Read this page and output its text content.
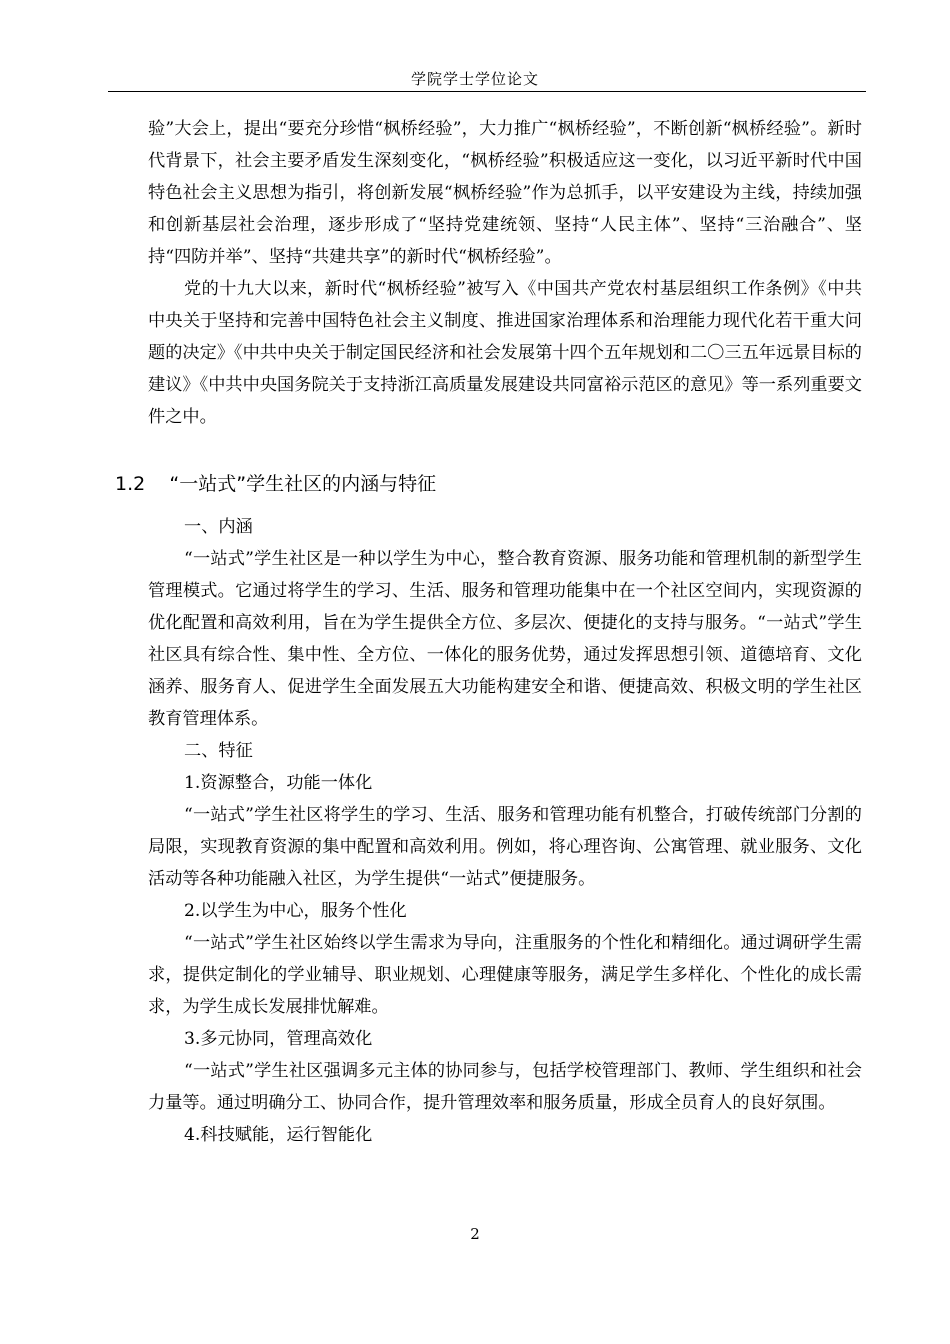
学院学士学位论文

验”大会上，提出“要充分珍惜“枫桥经验”，大力推广“枫桥经验”，不断创新“枫桥经验”。新时代背景下，社会主要矛盾发生深刻变化，“枫桥经验”积极适应这一变化，以习近平新时代中国特色社会主义思想为指引，将创新发展“枫桥经验”作为总抓手，以平安建设为主线，持续加强和创新基层社会治理，逐步形成了“坚持党建统领、坚持“人民主体”、坚持“三治融合”、坚持“四防并举”、坚持“共建共享”的新时代“枫桥经验”。

党的十九大以来，新时代“枫桥经验”被写入《中国共产党农村基层组织工作条例》《中共中央关于坚持和完善中国特色社会主义制度、推进国家治理体系和治理能力现代化若干重大问题的决定》《中共中央关于制定国民经济和社会发展第十四个五年规划和二〇三五年远景目标的建议》《中共中央国务院关于支持浙江高质量发展建设共同富裕示范区的意见》等一系列重要文件之中。

1.2 “一站式”学生社区的内涵与特征

一、内涵

“一站式”学生社区是一种以学生为中心，整合教育资源、服务功能和管理机制的新型学生管理模式。它通过将学生的学习、生活、服务和管理功能集中在一个社区空间内，实现资源的优化配置和高效利用，旨在为学生提供全方位、多层次、便捷化的支持与服务。“一站式”学生社区具有综合性、集中性、全方位、一体化的服务优势，通过发挥思想引领、道德培育、文化涵养、服务育人、促进学生全面发展五大功能构建安全和谐、便捷高效、积极文明的学生社区教育管理体系。

二、特征

1.资源整合，功能一体化

“一站式”学生社区将学生的学习、生活、服务和管理功能有机整合，打破传统部门分割的局限，实现教育资源的集中配置和高效利用。例如，将心理咨询、公寓管理、就业服务、文化活动等各种功能融入社区，为学生提供“一站式”便捷服务。

2.以学生为中心，服务个性化

“一站式”学生社区始终以学生需求为导向，注重服务的个性化和精细化。通过调研学生需求，提供定制化的学业辅导、职业规划、心理健康等服务，满足学生多样化、个性化的成长需求，为学生成长发展排忧解难。

3.多元协同，管理高效化

“一站式”学生社区强调多元主体的协同参与，包括学校管理部门、教师、学生组织和社会力量等。通过明确分工、协同合作，提升管理效率和服务质量，形成全员育人的良好氛围。

4.科技赋能，运行智能化

2
